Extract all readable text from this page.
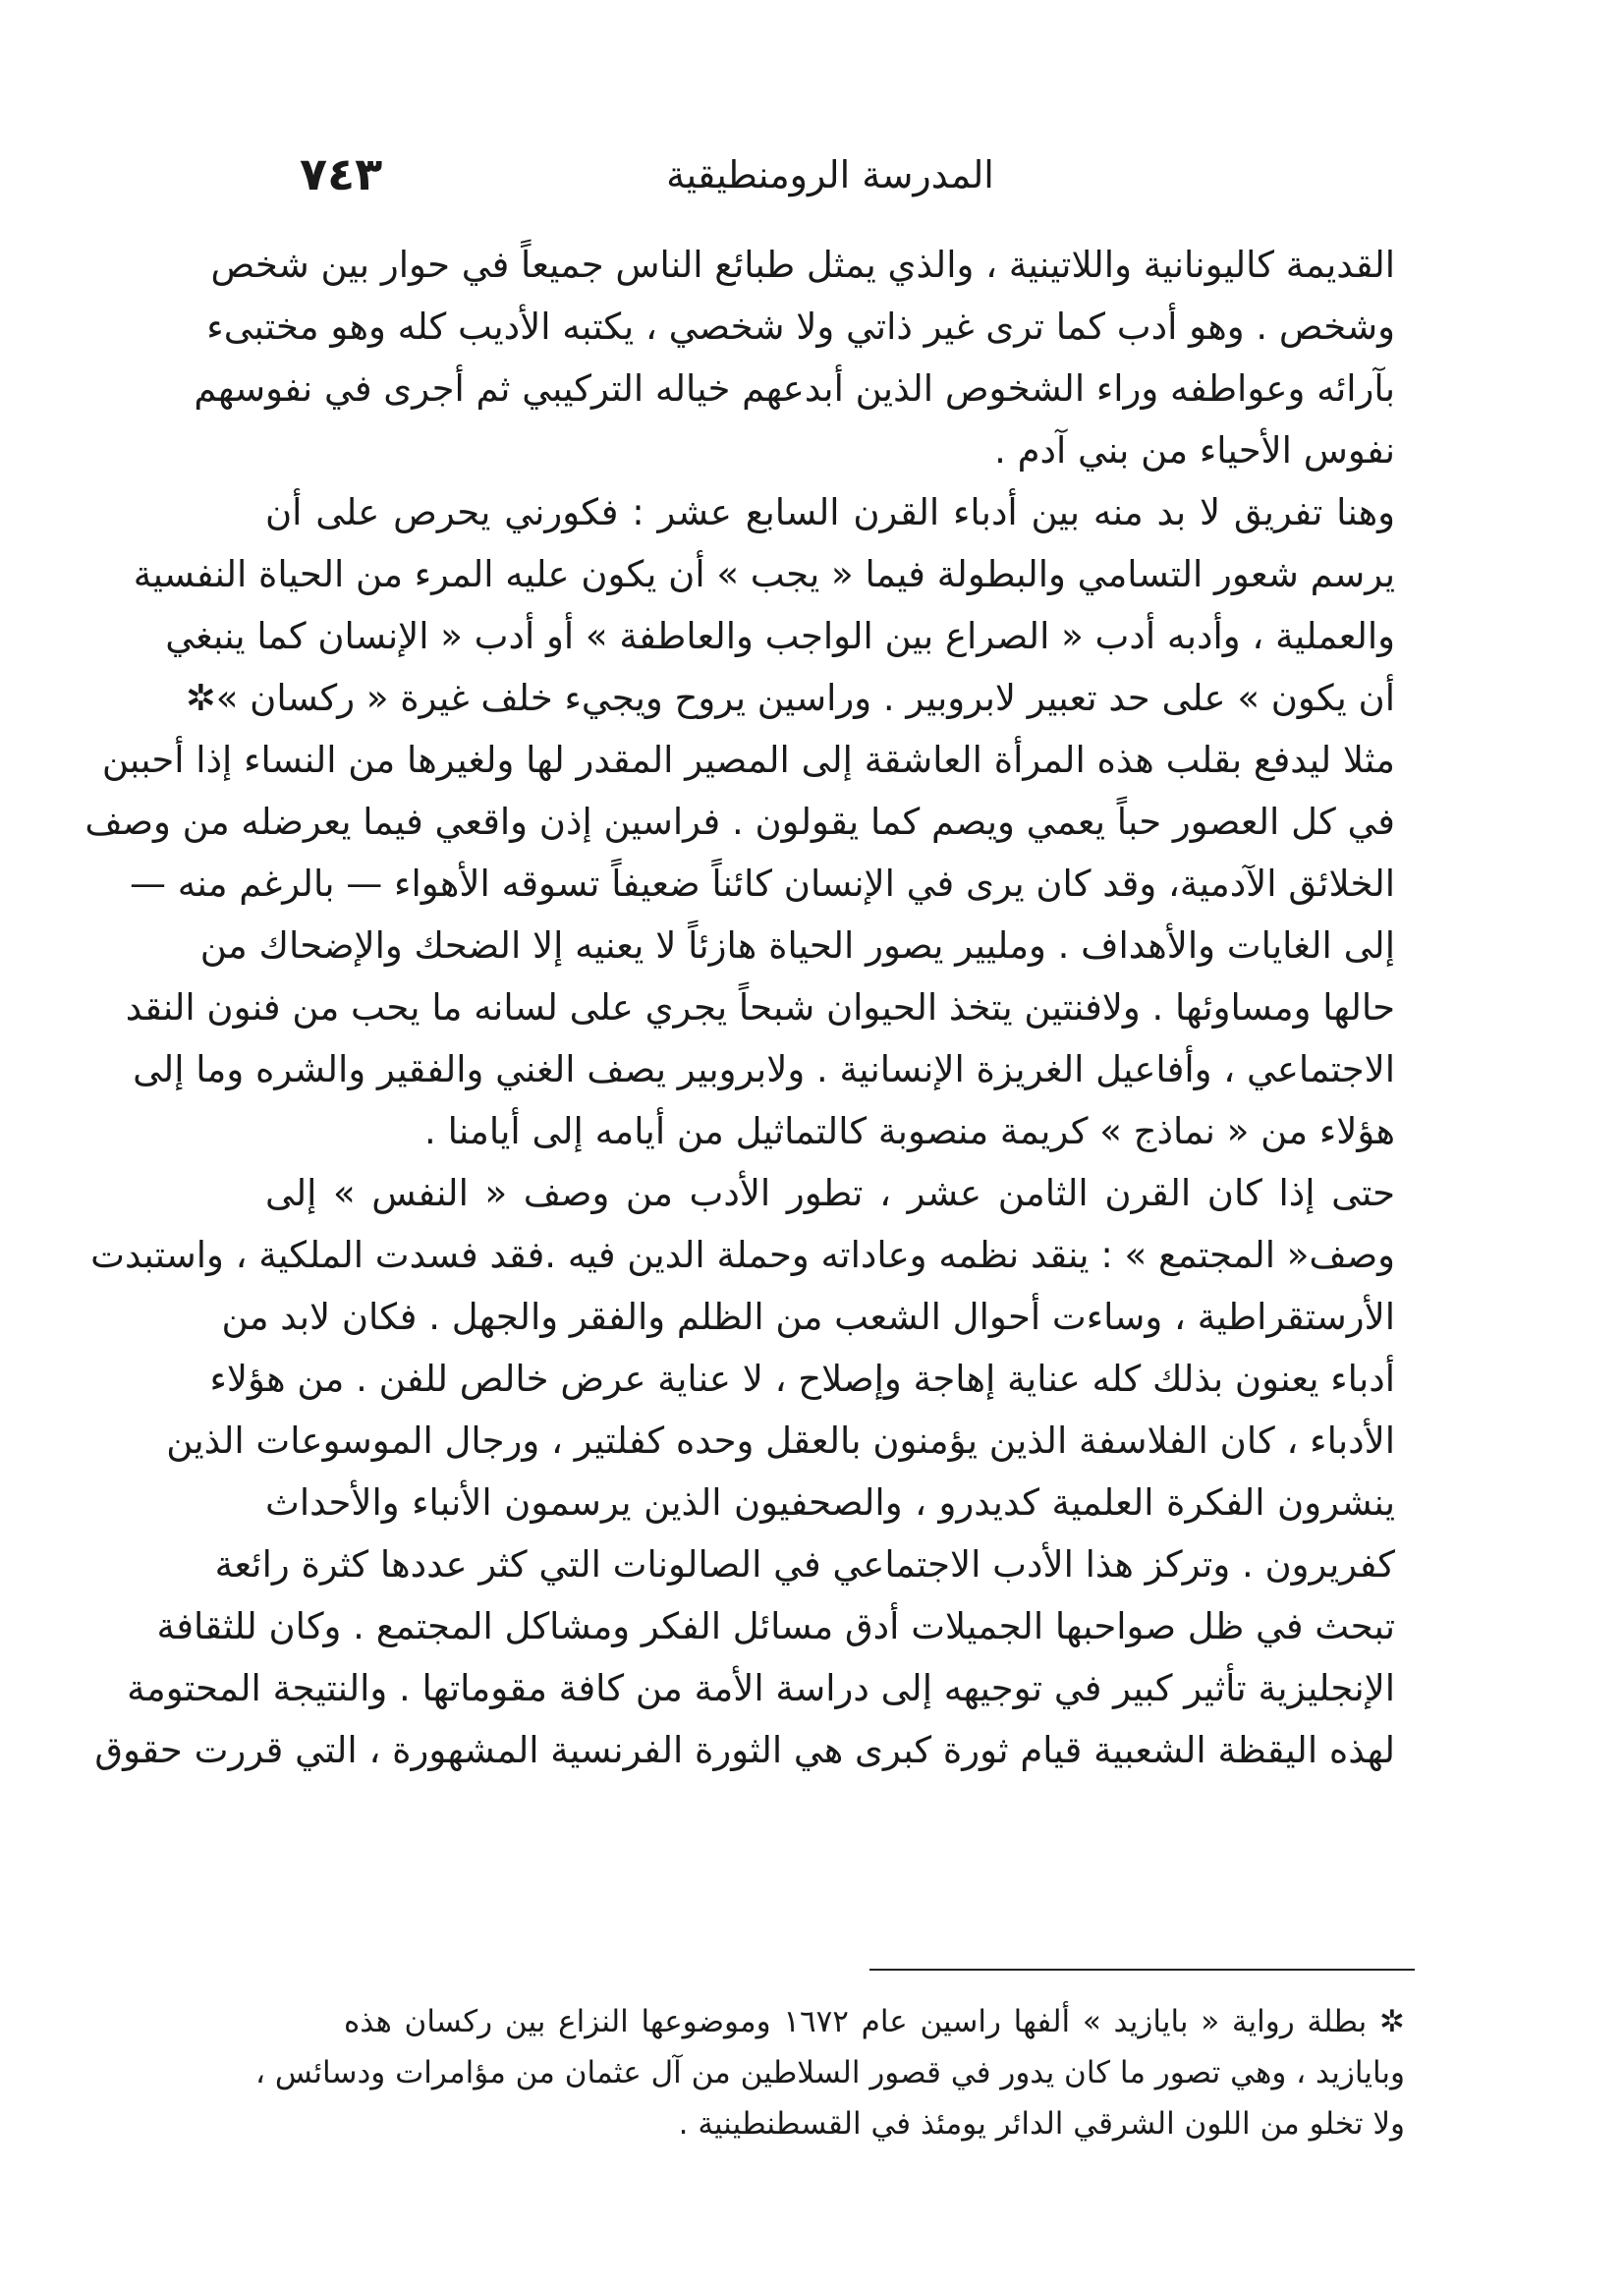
المدرسة الرومنطيقية
٧٤٣
القديمة كاليونانية واللاتينية ، والذي يمثل طبائع الناس جميعاً في حوار بين شخص
وشخص . وهو أدب كما ترى غير ذاتي ولا شخصي ، يكتبه الأديب كله وهو مختبىء
بآرائه وعواطفه وراء الشخوص الذين أبدعهم خياله التركيبي ثم أجرى في نفوسهم
نفوس الأحياء من بني آدم .
وهنا تفريق لا بد منه بين أدباء القرن السابع عشر : فكورني يحرص على أن
يرسم شعور التسامي والبطولة فيما « يجب » أن يكون عليه المرء من الحياة النفسية
والعملية ، وأدبه أدب « الصراع بين الواجب والعاطفة » أو أدب « الإنسان كما ينبغي
أن يكون » على حد تعبير لابروبير . وراسين يروح ويجيء خلف غيرة « ركسان »✲
مثلا ليدفع بقلب هذه المرأة العاشقة إلى المصير المقدر لها ولغيرها من النساء إذا أحببن
في كل العصور حباً يعمي ويصم كما يقولون . فراسين إذن واقعي فيما يعرضله من وصف
الخلائق الآدمية، وقد كان يرى في الإنسان كائناً ضعيفاً تسوقه الأهواء — بالرغم منه —
إلى الغايات والأهداف . ومليير يصور الحياة هازئاً لا يعنيه إلا الضحك والإضحاك من
حالها ومساوئها . ولافنتين يتخذ الحيوان شبحاً يجري على لسانه ما يحب من فنون النقد
الاجتماعي ، وأفاعيل الغريزة الإنسانية . ولابروبير يصف الغني والفقير والشره وما إلى
هؤلاء من « نماذج » كريمة منصوبة كالتماثيل من أيامه إلى أيامنا .
حتى إذا كان القرن الثامن عشر ، تطور الأدب من وصف « النفس » إلى
وصف« المجتمع » : ينقد نظمه وعاداته وحملة الدين فيه .فقد فسدت الملكية ، واستبدت
الأرستقراطية ، وساءت أحوال الشعب من الظلم والفقر والجهل . فكان لابد من
أدباء يعنون بذلك كله عناية إهاجة وإصلاح ، لا عناية عرض خالص للفن . من هؤلاء
الأدباء ، كان الفلاسفة الذين يؤمنون بالعقل وحده كفلتير ، ورجال الموسوعات الذين
ينشرون الفكرة العلمية كديدرو ، والصحفيون الذين يرسمون الأنباء والأحداث
كفريرون . وتركز هذا الأدب الاجتماعي في الصالونات التي كثر عددها كثرة رائعة
تبحث في ظل صواحبها الجميلات أدق مسائل الفكر ومشاكل المجتمع . وكان للثقافة
الإنجليزية تأثير كبير في توجيهه إلى دراسة الأمة من كافة مقوماتها . والنتيجة المحتومة
لهذه اليقظة الشعبية قيام ثورة كبرى هي الثورة الفرنسية المشهورة ، التي قررت حقوق
✲ بطلة رواية « بايازيد » ألفها راسين عام ١٦٧٢ وموضوعها النزاع بين ركسان هذه
وبايازيد ، وهي تصور ما كان يدور في قصور السلاطين من آل عثمان من مؤامرات ودسائس ،
ولا تخلو من اللون الشرقي الدائر يومئذ في القسطنطينية .
